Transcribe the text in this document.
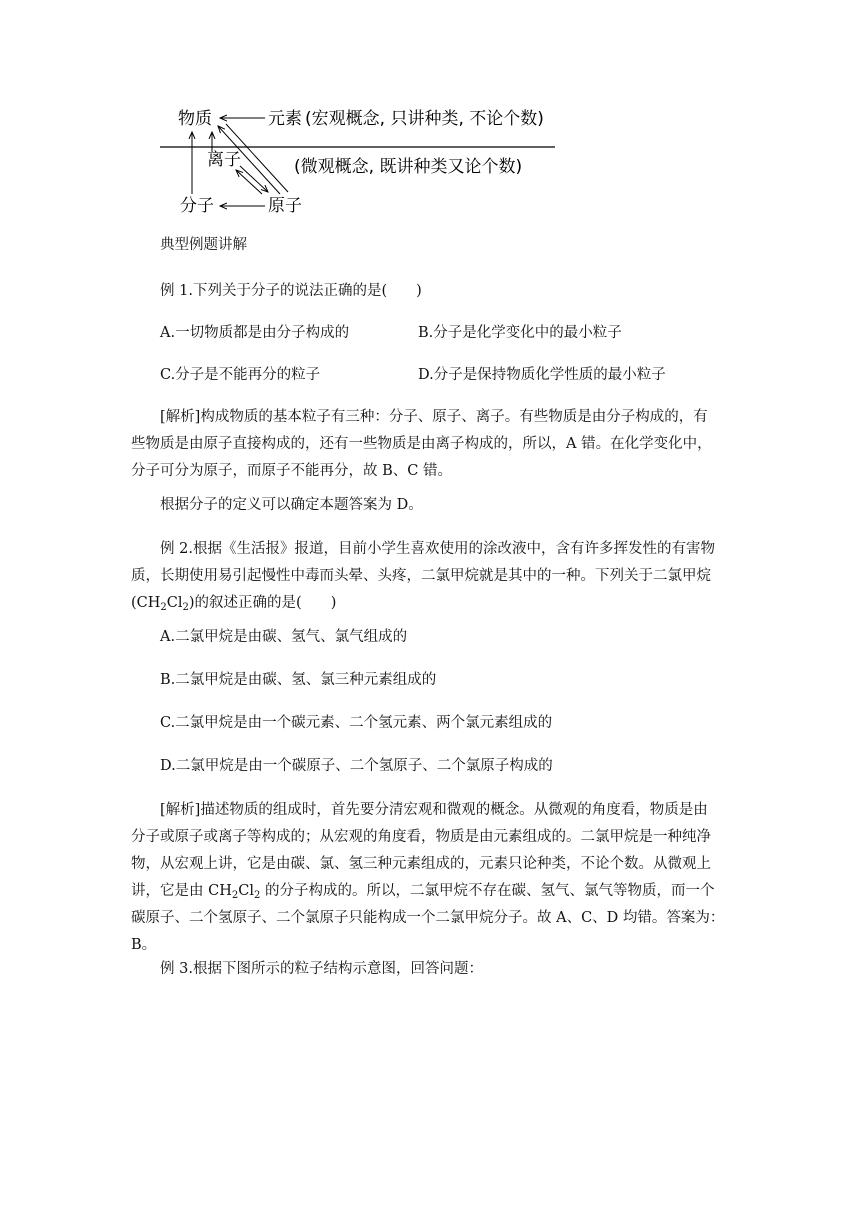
物质	元素 (宏观概念, 只讲种类, 不论个数)
离子	(微观概念, 既讲种类又论个数)
分子	原子
典型例题讲解
例 1.下列关于分子的说法正确的是(　　)
A.一切物质都是由分子构成的	B.分子是化学变化中的最小粒子
C.分子是不能再分的粒子	D.分子是保持物质化学性质的最小粒子
[解析]构成物质的基本粒子有三种：分子、原子、离子。有些物质是由分子构成的，有
些物质是由原子直接构成的，还有一些物质是由离子构成的，所以，A 错。在化学变化中，
分子可分为原子，而原子不能再分，故 B、C 错。
根据分子的定义可以确定本题答案为 D。
例 2.根据《生活报》报道，目前小学生喜欢使用的涂改液中，含有许多挥发性的有害物
质，长期使用易引起慢性中毒而头晕、头疼，二氯甲烷就是其中的一种。下列关于二氯甲烷
$(CH_2Cl_2)$的叙述正确的是(　　)
A.二氯甲烷是由碳、氢气、氯气组成的
B.二氯甲烷是由碳、氢、氯三种元素组成的
C.二氯甲烷是由一个碳元素、二个氢元素、两个氯元素组成的
D.二氯甲烷是由一个碳原子、二个氢原子、二个氯原子构成的
[解析]描述物质的组成时，首先要分清宏观和微观的概念。从微观的角度看，物质是由
分子或原子或离子等构成的；从宏观的角度看，物质是由元素组成的。二氯甲烷是一种纯净
物，从宏观上讲，它是由碳、氯、氢三种元素组成的，元素只论种类，不论个数。从微观上
讲，它是由 $CH_2Cl_2$ 的分子构成的。所以，二氯甲烷不存在碳、氢气、氯气等物质，而一个
碳原子、二个氢原子、二个氯原子只能构成一个二氯甲烷分子。故 A、C、D 均错。答案为：
B。
例 3.根据下图所示的粒子结构示意图，回答问题：
